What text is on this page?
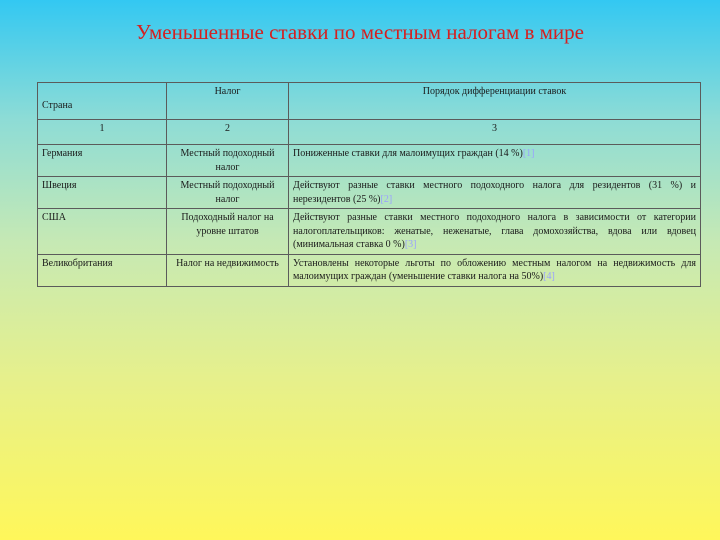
Уменьшенные ставки по местным налогам в мире
Страна	Налог	Порядок дифференциации ставок
1	2	3
Германия	Местный подоходный налог	Пониженные ставки для малоимущих граждан (14 %)[1]
Швеция	Местный подоходный налог	Действуют разные ставки местного подоходного налога для резидентов (31 %) и нерезидентов (25 %)[2]
США	Подоходный налог на уровне штатов	Действуют разные ставки местного подоходного налога в зависимости от категории налогоплательщиков: женатые, неженатые, глава домохозяйства, вдова или вдовец (минимальная ставка 0 %)[3]
Великобритания	Налог на недвижимость	Установлены некоторые льготы по обложению местным налогом на недвижимость для малоимущих граждан (уменьшение ставки налога на 50%)[4]
